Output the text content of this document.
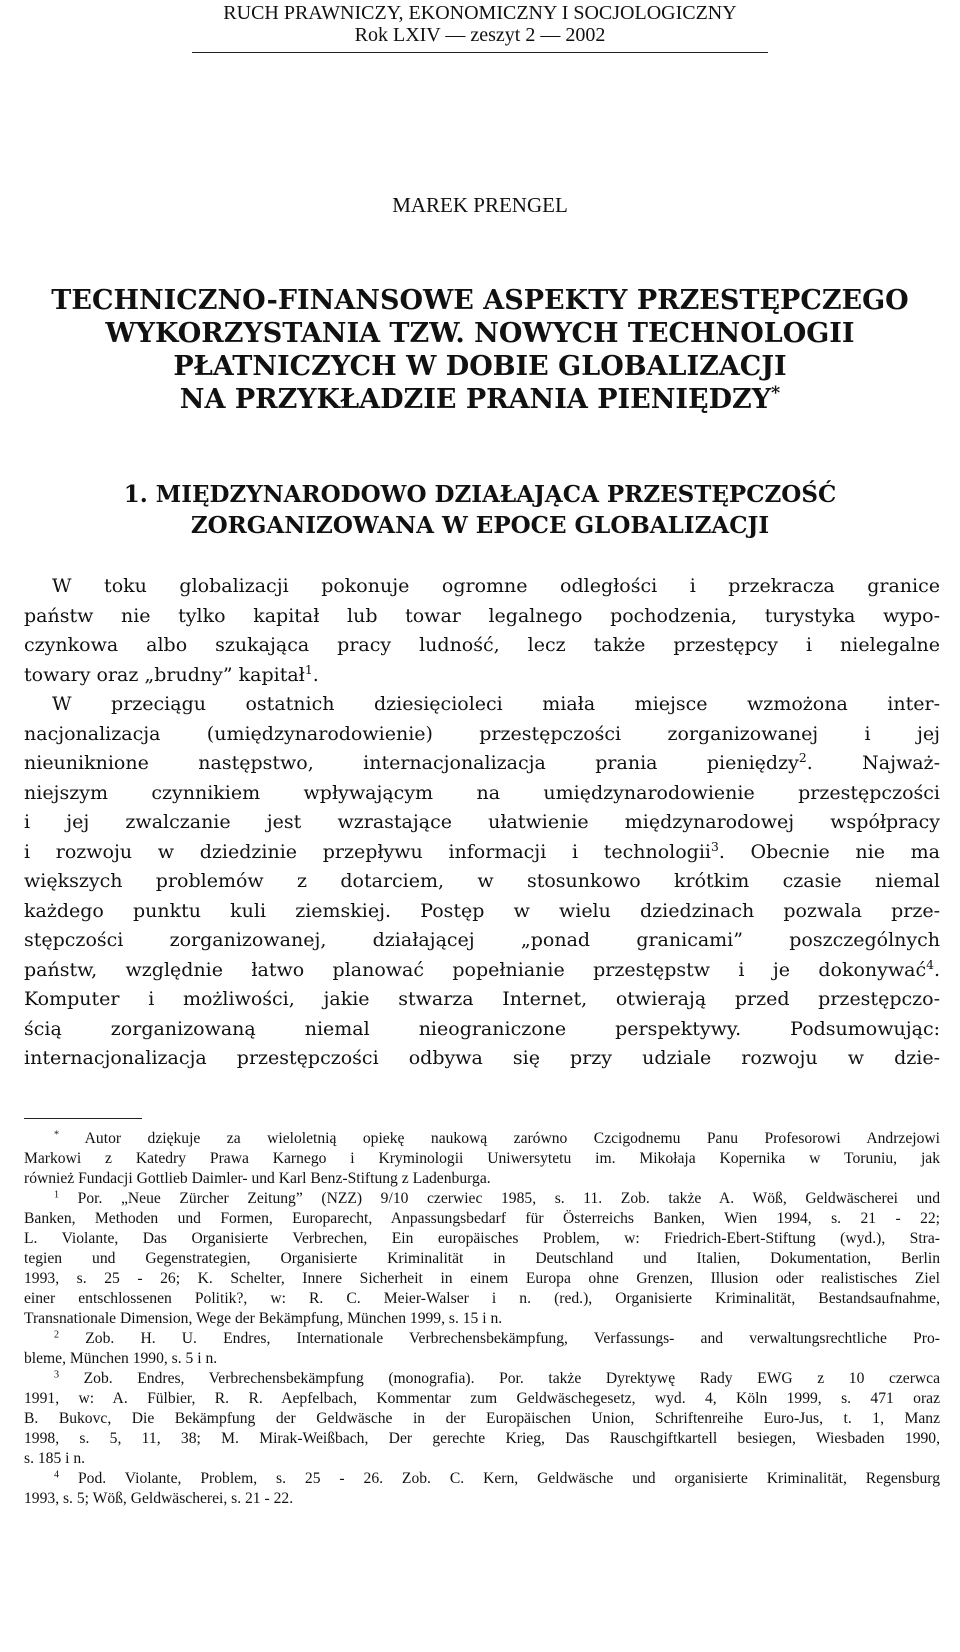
RUCH PRAWNICZY, EKONOMICZNY I SOCJOLOGICZNY
Rok LXIV — zeszyt 2 — 2002
MAREK PRENGEL
TECHNICZNO-FINANSOWE ASPEKTY PRZESTĘPCZEGO
WYKORZYSTANIA TZW. NOWYCH TECHNOLOGII
PŁATNICZYCH W DOBIE GLOBALIZACJI
NA PRZYKŁADZIE PRANIA PIENIĘDZY*
1. MIĘDZYNARODOWO DZIAŁAJĄCA PRZESTĘPCZOŚĆ
ZORGANIZOWANA W EPOCE GLOBALIZACJI
W toku globalizacji pokonuje ogromne odległości i przekracza granice
państw nie tylko kapitał lub towar legalnego pochodzenia, turystyka wypo-
czynkowa albo szukająca pracy ludność, lecz także przestępcy i nielegalne
towary oraz „brudny” kapitał$^1$.
W przeciągu ostatnich dziesięcioleci miała miejsce wzmożona inter-
nacjonalizacja (umiędzynarodowienie) przestępczości zorganizowanej i jej
nieuniknione następstwo, internacjonalizacja prania pieniędzy$^2$. Najważ-
niejszym czynnikiem wpływającym na umiędzynarodowienie przestępczości
i jej zwalczanie jest wzrastające ułatwienie międzynarodowej współpracy
i rozwoju w dziedzinie przepływu informacji i technologii$^3$. Obecnie nie ma
większych problemów z dotarciem, w stosunkowo krótkim czasie niemal
każdego punktu kuli ziemskiej. Postęp w wielu dziedzinach pozwala prze-
stępczości zorganizowanej, działającej „ponad granicami” poszczególnych
państw, względnie łatwo planować popełnianie przestępstw i je dokonywać$^4$.
Komputer i możliwości, jakie stwarza Internet, otwierają przed przestępczo-
ścią zorganizowaną niemal nieograniczone perspektywy. Podsumowując:
internacjonalizacja przestępczości odbywa się przy udziale rozwoju w dzie-
* Autor dziękuje za wieloletnią opiekę naukową zarówno Czcigodnemu Panu Profesorowi Andrzejowi
Markowi z Katedry Prawa Karnego i Kryminologii Uniwersytetu im. Mikołaja Kopernika w Toruniu, jak
również Fundacji Gottlieb Daimler- und Karl Benz-Stiftung z Ladenburga.
$^1$ Por. „Neue Zürcher Zeitung” (NZZ) 9/10 czerwiec 1985, s. 11. Zob. także A. Wöß, Geldwäscherei und
Banken, Methoden und Formen, Europarecht, Anpassungsbedarf für Österreichs Banken, Wien 1994, s. 21 - 22;
L. Violante, Das Organisierte Verbrechen, Ein europäisches Problem, w: Friedrich-Ebert-Stiftung (wyd.), Stra-
tegien und Gegenstrategien, Organisierte Kriminalität in Deutschland und Italien, Dokumentation, Berlin
1993, s. 25 - 26; K. Schelter, Innere Sicherheit in einem Europa ohne Grenzen, Illusion oder realistisches Ziel
einer entschlossenen Politik?, w: R. C. Meier-Walser i n. (red.), Organisierte Kriminalität, Bestandsaufnahme,
Transnationale Dimension, Wege der Bekämpfung, München 1999, s. 15 i n.
$^2$ Zob. H. U. Endres, Internationale Verbrechensbekämpfung, Verfassungs- and verwaltungsrechtliche Pro-
bleme, München 1990, s. 5 i n.
$^3$ Zob. Endres, Verbrechensbekämpfung (monografia). Por. także Dyrektywę Rady EWG z 10 czerwca
1991, w: A. Fülbier, R. R. Aepfelbach, Kommentar zum Geldwäschegesetz, wyd. 4, Köln 1999, s. 471 oraz
B. Bukovc, Die Bekämpfung der Geldwäsche in der Europäischen Union, Schriftenreihe Euro-Jus, t. 1, Manz
1998, s. 5, 11, 38; M. Mirak-Weißbach, Der gerechte Krieg, Das Rauschgiftkartell besiegen, Wiesbaden 1990,
s. 185 i n.
$^4$ Pod. Violante, Problem, s. 25 - 26. Zob. C. Kern, Geldwäsche und organisierte Kriminalität, Regensburg
1993, s. 5; Wöß, Geldwäscherei, s. 21 - 22.
